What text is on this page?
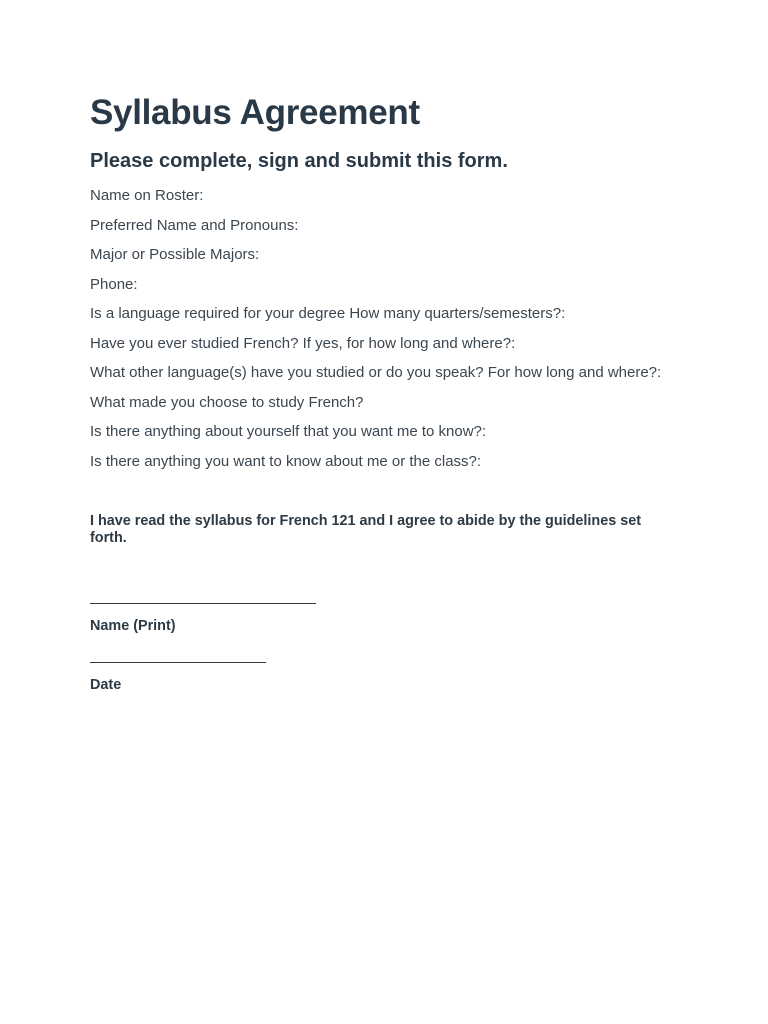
Syllabus Agreement
Please complete, sign and submit this form.
Name on Roster:
Preferred Name and Pronouns:
Major or Possible Majors:
Phone:
Is a language required for your degree How many quarters/semesters?:
Have you ever studied French? If yes, for how long and where?:
What other language(s) have you studied or do you speak? For how long and where?:
What made you choose to study French?
Is there anything about yourself that you want me to know?:
Is there anything you want to know about me or the class?:

I have read the syllabus for French 121 and I agree to abide by the guidelines set forth.

Name (Print)
Date
